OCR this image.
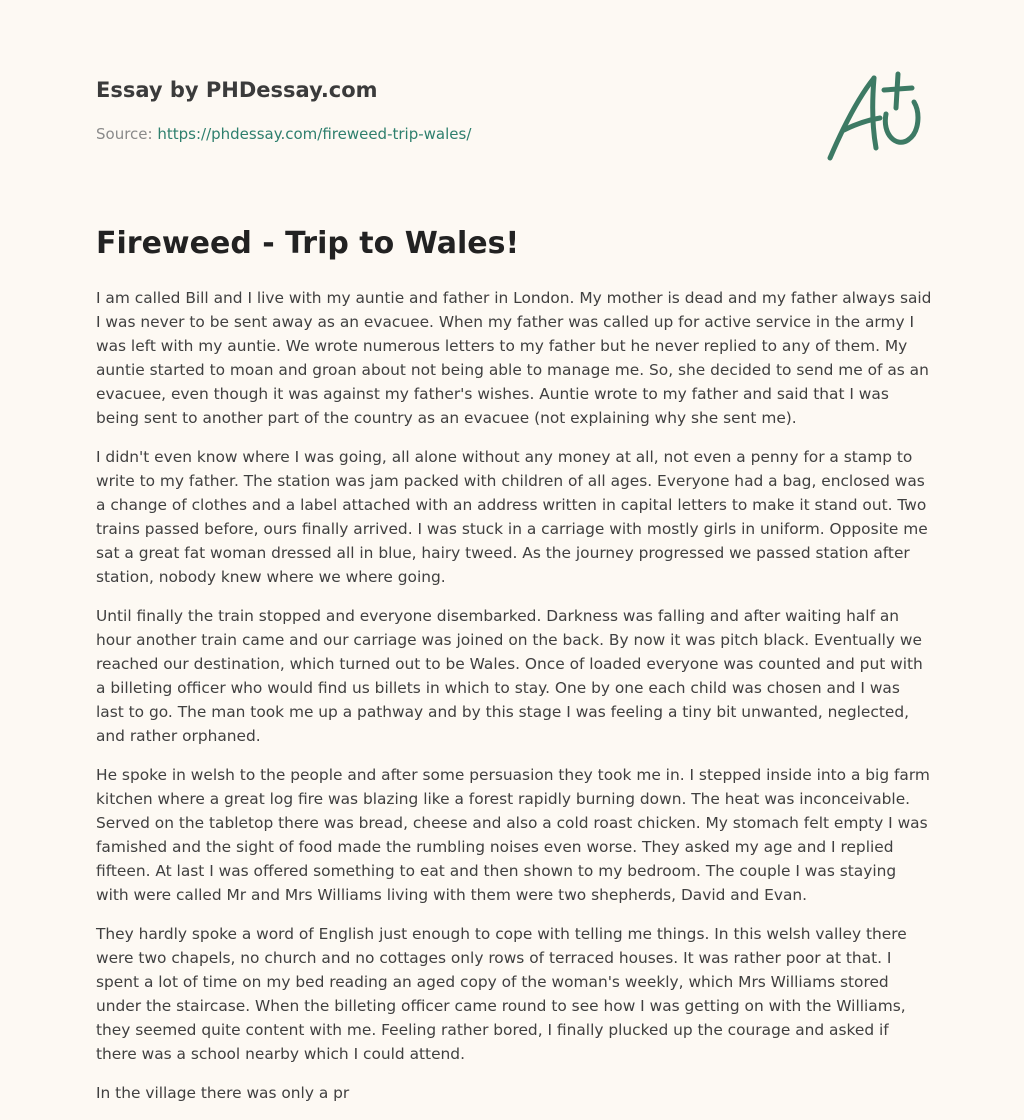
Essay by PHDessay.com

Source: https://phdessay.com/fireweed-trip-wales/
Fireweed - Trip to Wales!

I am called Bill and I live with my auntie and father in London. My mother is dead and my father always said I was never to be sent away as an evacuee. When my father was called up for active service in the army I was left with my auntie. We wrote numerous letters to my father but he never replied to any of them. My auntie started to moan and groan about not being able to manage me. So, she decided to send me of as an evacuee, even though it was against my father's wishes. Auntie wrote to my father and said that I was being sent to another part of the country as an evacuee (not explaining why she sent me).

I didn't even know where I was going, all alone without any money at all, not even a penny for a stamp to write to my father. The station was jam packed with children of all ages. Everyone had a bag, enclosed was a change of clothes and a label attached with an address written in capital letters to make it stand out. Two trains passed before, ours finally arrived. I was stuck in a carriage with mostly girls in uniform. Opposite me sat a great fat woman dressed all in blue, hairy tweed. As the journey progressed we passed station after station, nobody knew where we where going.

Until finally the train stopped and everyone disembarked. Darkness was falling and after waiting half an hour another train came and our carriage was joined on the back. By now it was pitch black. Eventually we reached our destination, which turned out to be Wales. Once of loaded everyone was counted and put with a billeting officer who would find us billets in which to stay. One by one each child was chosen and I was last to go. The man took me up a pathway and by this stage I was feeling a tiny bit unwanted, neglected, and rather orphaned.

He spoke in welsh to the people and after some persuasion they took me in. I stepped inside into a big farm kitchen where a great log fire was blazing like a forest rapidly burning down. The heat was inconceivable. Served on the tabletop there was bread, cheese and also a cold roast chicken. My stomach felt empty I was famished and the sight of food made the rumbling noises even worse. They asked my age and I replied fifteen. At last I was offered something to eat and then shown to my bedroom. The couple I was staying with were called Mr and Mrs Williams living with them were two shepherds, David and Evan.

They hardly spoke a word of English just enough to cope with telling me things. In this welsh valley there were two chapels, no church and no cottages only rows of terraced houses. It was rather poor at that. I spent a lot of time on my bed reading an aged copy of the woman's weekly, which Mrs Williams stored under the staircase. When the billeting officer came round to see how I was getting on with the Williams, they seemed quite content with me. Feeling rather bored, I finally plucked up the courage and asked if there was a school nearby which I could attend.

In the village there was only a pr
